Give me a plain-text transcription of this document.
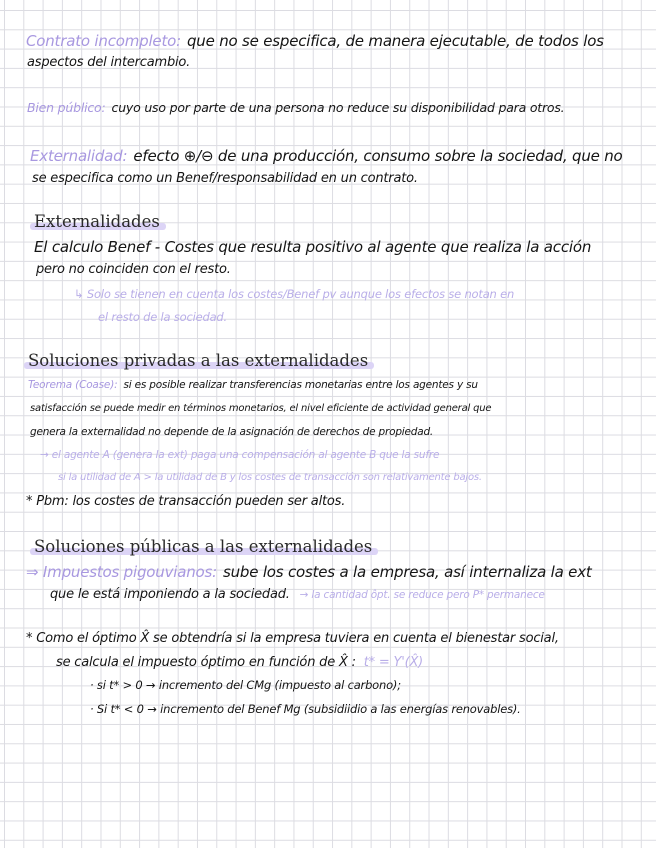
Contrato incompleto: que no se especifica, de manera ejecutable, de todos los
aspectos del intercambio.
Bien público: cuyo uso por parte de una persona no reduce su disponibilidad para otros.
Externalidad: efecto ⊕/⊖ de una producción, consumo sobre la sociedad, que no
se especifica como un Benef/responsabilidad en un contrato.
Externalidades
El calculo Benef - Costes que resulta positivo al agente que realiza la acción
pero no coinciden con el resto.
↳ Solo se tienen en cuenta los costes/Benef pv aunque los efectos se notan en
el resto de la sociedad.
Soluciones privadas a las externalidades
Teorema (Coase): si es posible realizar transferencias monetarias entre los agentes y su
satisfacción se puede medir en términos monetarios, el nivel eficiente de actividad general que
genera la externalidad no depende de la asignación de derechos de propiedad.
→ el agente A (genera la ext) paga una compensación al agente B que la sufre
si la utilidad de A > la utilidad de B y los costes de transacción son relativamente bajos.
* Pbm: los costes de transacción pueden ser altos.
Soluciones públicas a las externalidades
⇒ Impuestos pigouvianos: sube los costes a la empresa, así internaliza la ext
que le está imponiendo a la sociedad. → la cantidad ôpt. se reduce pero P* permanece
* Como el óptimo X̂ se obtendría si la empresa tuviera en cuenta el bienestar social,
se calcula el impuesto óptimo en función de X̂ : t* = Y'(X̂)
· si t* > 0 → incremento del CMg (impuesto al carbono);
· Si t* < 0 → incremento del Benef Mg (subsidiidio a las energías renovables).
